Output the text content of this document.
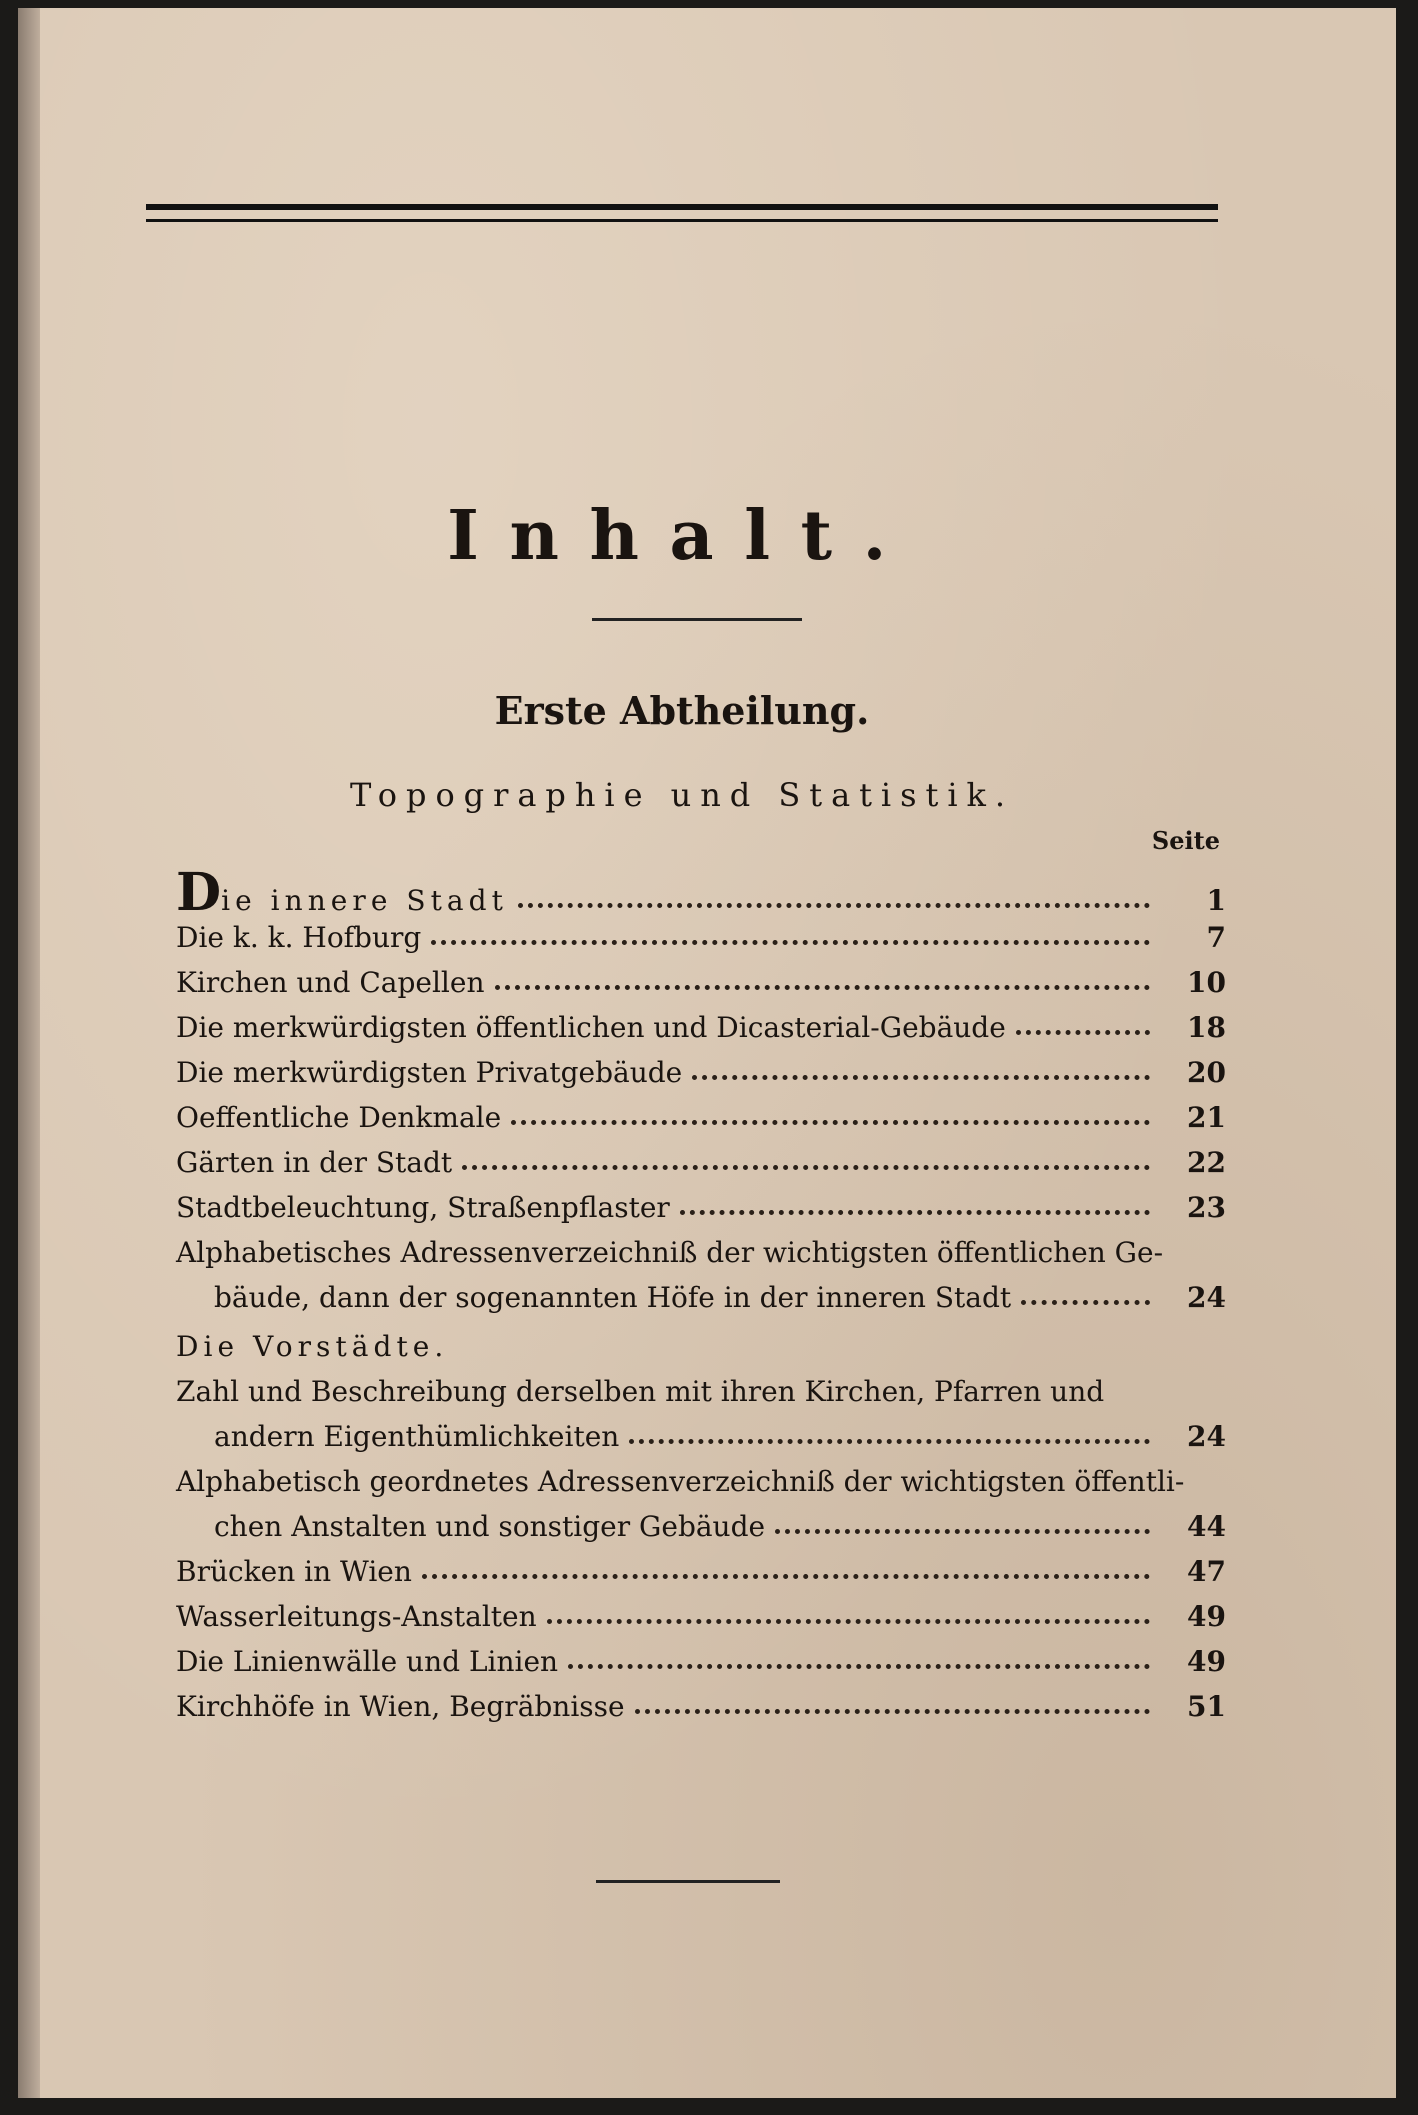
Inhalt.
Erste Abtheilung.
Topographie und Statistik.
Seite
Die innere Stadt	1
Die k. k. Hofburg	7
Kirchen und Capellen	10
Die merkwürdigsten öffentlichen und Dicasterial-Gebäude	18
Die merkwürdigsten Privatgebäude	20
Oeffentliche Denkmale	21
Gärten in der Stadt	22
Stadtbeleuchtung, Straßenpflaster	23
Alphabetisches Adressenverzeichniß der wichtigsten öffentlichen Ge-
bäude, dann der sogenannten Höfe in der inneren Stadt	24
Die Vorstädte.
Zahl und Beschreibung derselben mit ihren Kirchen, Pfarren und
andern Eigenthümlichkeiten	24
Alphabetisch geordnetes Adressenverzeichniß der wichtigsten öffentli-
chen Anstalten und sonstiger Gebäude	44
Brücken in Wien	47
Wasserleitungs-Anstalten	49
Die Linienwälle und Linien	49
Kirchhöfe in Wien, Begräbnisse	51
